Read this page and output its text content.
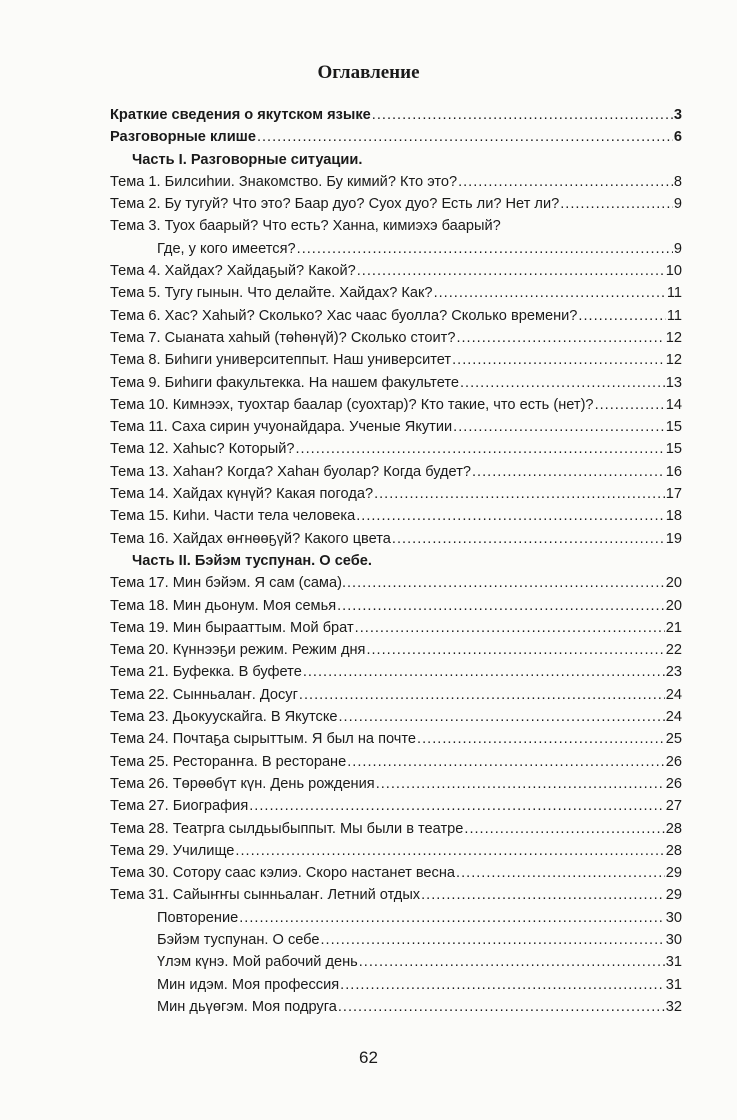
Оглавление
Краткие сведения о якутском языке .....	3
Разговорные клише .....	6
Часть I. Разговорные ситуации.
Тема 1. Билсиһии. Знакомство. Бу кимий? Кто это? .....	8
Тема 2. Бу тугуй? Что это? Баар дуо? Суох дуо? Есть ли? Нет ли? .....	9
Тема 3. Туох баарый? Что есть? Ханна, кимиэхэ баарый?
Где, у кого имеется? .....	9
Тема 4. Хайдах? Хайдаҕый? Какой? .....	10
Тема 5. Тугу гынын. Что делайте. Хайдах? Как? .....	11
Тема 6. Хас? Хаһый? Сколько? Хас чаас буолла? Сколько времени? .....	11
Тема 7. Сыаната хаһый (төһөнүй)? Сколько стоит? .....	12
Тема 8. Биһиги университеппыт. Наш университет .....	12
Тема 9. Биһиги факультекка. На нашем факультете .....	13
Тема 10. Кимнээх, туохтар баалар (суохтар)? Кто такие, что есть (нет)? .....	14
Тема 11. Саха сирин учуонайдара. Ученые Якутии .....	15
Тема 12. Хаһыс? Который? .....	15
Тема 13. Хаһан? Когда? Хаһан буолар? Когда будет? .....	16
Тема 14. Хайдах күнүй? Какая погода? .....	17
Тема 15. Киһи. Части тела человека .....	18
Тема 16. Хайдах өҥнөөҕүй? Какого цвета .....	19
Часть II. Бэйэм туспунан. О себе.
Тема 17. Мин бэйэм. Я сам (сама). .....	20
Тема 18. Мин дьонум. Моя семья .....	20
Тема 19. Мин бырааттым. Мой брат .....	21
Тема 20. Күннээҕи режим. Режим дня .....	22
Тема 21. Буфекка. В буфете .....	23
Тема 22. Сынньалаҥ. Досуг .....	24
Тема 23. Дьокуускайга. В Якутске .....	24
Тема 24. Почтаҕа сырыттым. Я был на почте .....	25
Тема 25. Ресторанҥа. В ресторане .....	26
Тема 26. Төрөөбүт күн. День рождения .....	26
Тема 27. Биография .....	27
Тема 28. Театрга сылдьыбыппыт. Мы были в театре .....	28
Тема 29. Училище .....	28
Тема 30. Сотору саас кэлиэ. Скоро настанет весна .....	29
Тема 31. Сайыҥҥы сынньалаҥ. Летний отдых .....	29
Повторение .....	30
Бэйэм туспунан. О себе .....	30
Үлэм күнэ. Мой рабочий день .....	31
Мин идэм. Моя профессия .....	31
Мин дьүөгэм. Моя подруга .....	32
62
